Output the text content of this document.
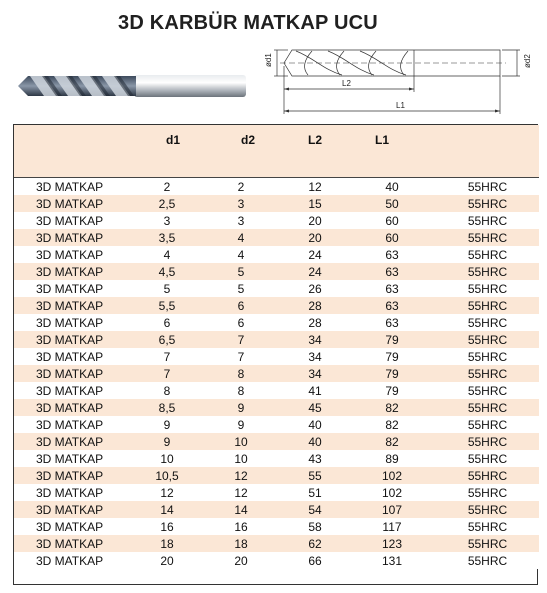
3D KARBÜR MATKAP UCU
ød1	ød2
L2
L1
	d1	d2	L2	L1	

3D MATKAP	2	2	12	40	55HRC
3D MATKAP	2,5	3	15	50	55HRC
3D MATKAP	3	3	20	60	55HRC
3D MATKAP	3,5	4	20	60	55HRC
3D MATKAP	4	4	24	63	55HRC
3D MATKAP	4,5	5	24	63	55HRC
3D MATKAP	5	5	26	63	55HRC
3D MATKAP	5,5	6	28	63	55HRC
3D MATKAP	6	6	28	63	55HRC
3D MATKAP	6,5	7	34	79	55HRC
3D MATKAP	7	7	34	79	55HRC
3D MATKAP	7	8	34	79	55HRC
3D MATKAP	8	8	41	79	55HRC
3D MATKAP	8,5	9	45	82	55HRC
3D MATKAP	9	9	40	82	55HRC
3D MATKAP	9	10	40	82	55HRC
3D MATKAP	10	10	43	89	55HRC
3D MATKAP	10,5	12	55	102	55HRC
3D MATKAP	12	12	51	102	55HRC
3D MATKAP	14	14	54	107	55HRC
3D MATKAP	16	16	58	117	55HRC
3D MATKAP	18	18	62	123	55HRC
3D MATKAP	20	20	66	131	55HRC
